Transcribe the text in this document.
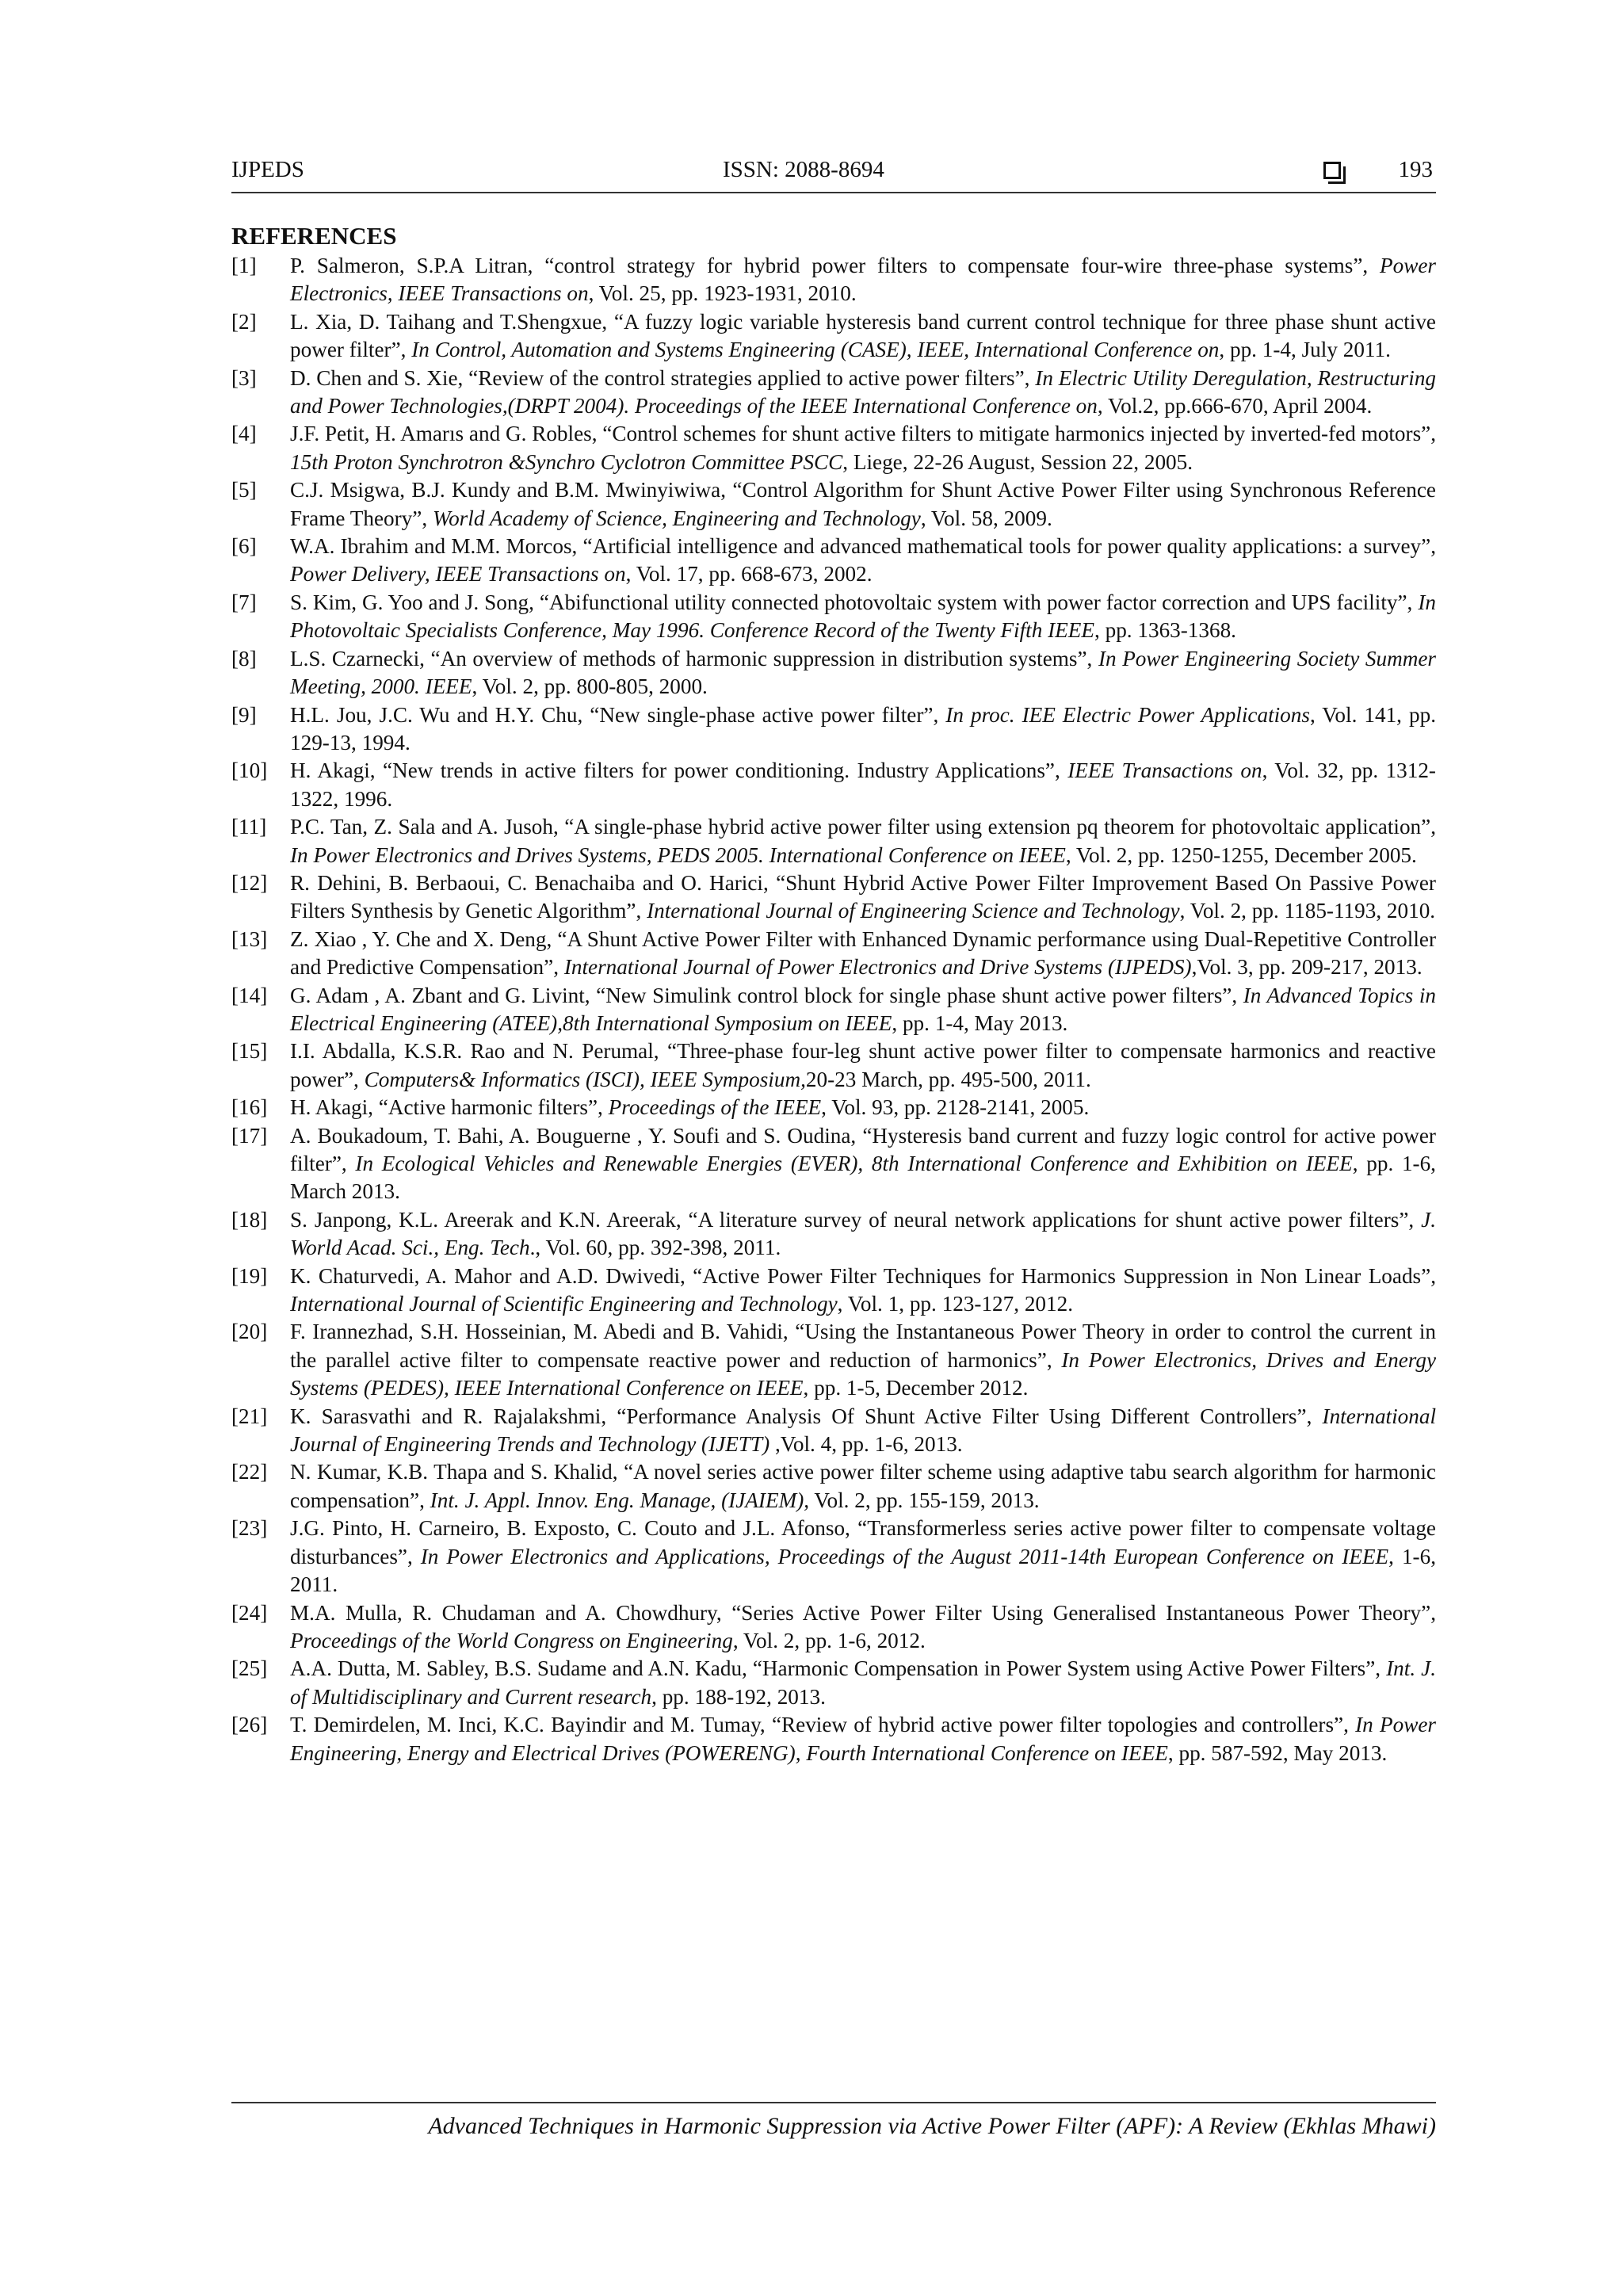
IJPEDS	ISSN: 2088-8694	193
REFERENCES
[1] P. Salmeron, S.P.A Litran, “control strategy for hybrid power filters to compensate four-wire three-phase systems”, Power Electronics, IEEE Transactions on, Vol. 25, pp. 1923-1931, 2010.
[2] L. Xia, D. Taihang and T.Shengxue, “A fuzzy logic variable hysteresis band current control technique for three phase shunt active power filter”, In Control, Automation and Systems Engineering (CASE), IEEE, International Conference on, pp. 1-4, July 2011.
[3] D. Chen and S. Xie, “Review of the control strategies applied to active power filters”, In Electric Utility Deregulation, Restructuring and Power Technologies,(DRPT 2004). Proceedings of the IEEE International Conference on, Vol.2, pp.666-670, April 2004.
[4] J.F. Petit, H. Amarıs and G. Robles, “Control schemes for shunt active filters to mitigate harmonics injected by inverted-fed motors”, 15th Proton Synchrotron &Synchro Cyclotron Committee PSCC, Liege, 22-26 August, Session 22, 2005.
[5] C.J. Msigwa, B.J. Kundy and B.M. Mwinyiwiwa, “Control Algorithm for Shunt Active Power Filter using Synchronous Reference Frame Theory”, World Academy of Science, Engineering and Technology, Vol. 58, 2009.
[6] W.A. Ibrahim and M.M. Morcos, “Artificial intelligence and advanced mathematical tools for power quality applications: a survey”, Power Delivery, IEEE Transactions on, Vol. 17, pp. 668-673, 2002.
[7] S. Kim, G. Yoo and J. Song, “Abifunctional utility connected photovoltaic system with power factor correction and UPS facility”, In Photovoltaic Specialists Conference, May 1996. Conference Record of the Twenty Fifth IEEE, pp. 1363-1368.
[8] L.S. Czarnecki, “An overview of methods of harmonic suppression in distribution systems”, In Power Engineering Society Summer Meeting, 2000. IEEE, Vol. 2, pp. 800-805, 2000.
[9] H.L. Jou, J.C. Wu and H.Y. Chu, “New single-phase active power filter”, In proc. IEE Electric Power Applications, Vol. 141, pp. 129-13, 1994.
[10] H. Akagi, “New trends in active filters for power conditioning. Industry Applications”, IEEE Transactions on, Vol. 32, pp. 1312-1322, 1996.
[11] P.C. Tan, Z. Sala and A. Jusoh, “A single-phase hybrid active power filter using extension pq theorem for photovoltaic application”, In Power Electronics and Drives Systems, PEDS 2005. International Conference on IEEE, Vol. 2, pp. 1250-1255, December 2005.
[12] R. Dehini, B. Berbaoui, C. Benachaiba and O. Harici, “Shunt Hybrid Active Power Filter Improvement Based On Passive Power Filters Synthesis by Genetic Algorithm”, International Journal of Engineering Science and Technology, Vol. 2, pp. 1185-1193, 2010.
[13] Z. Xiao , Y. Che and X. Deng, “A Shunt Active Power Filter with Enhanced Dynamic performance using Dual-Repetitive Controller and Predictive Compensation”, International Journal of Power Electronics and Drive Systems (IJPEDS),Vol. 3, pp. 209-217, 2013.
[14] G. Adam , A. Zbant and G. Livint, “New Simulink control block for single phase shunt active power filters”, In Advanced Topics in Electrical Engineering (ATEE),8th International Symposium on IEEE, pp. 1-4, May 2013.
[15] I.I. Abdalla, K.S.R. Rao and N. Perumal, “Three-phase four-leg shunt active power filter to compensate harmonics and reactive power”, Computers& Informatics (ISCI), IEEE Symposium,20-23 March, pp. 495-500, 2011.
[16] H. Akagi, “Active harmonic filters”, Proceedings of the IEEE, Vol. 93, pp. 2128-2141, 2005.
[17] A. Boukadoum, T. Bahi, A. Bouguerne , Y. Soufi and S. Oudina, “Hysteresis band current and fuzzy logic control for active power filter”, In Ecological Vehicles and Renewable Energies (EVER), 8th International Conference and Exhibition on IEEE, pp. 1-6, March 2013.
[18] S. Janpong, K.L. Areerak and K.N. Areerak, “A literature survey of neural network applications for shunt active power filters”, J. World Acad. Sci., Eng. Tech., Vol. 60, pp. 392-398, 2011.
[19] K. Chaturvedi, A. Mahor and A.D. Dwivedi, “Active Power Filter Techniques for Harmonics Suppression in Non Linear Loads”, International Journal of Scientific Engineering and Technology, Vol. 1, pp. 123-127, 2012.
[20] F. Irannezhad, S.H. Hosseinian, M. Abedi and B. Vahidi, “Using the Instantaneous Power Theory in order to control the current in the parallel active filter to compensate reactive power and reduction of harmonics”, In Power Electronics, Drives and Energy Systems (PEDES), IEEE International Conference on IEEE, pp. 1-5, December 2012.
[21] K. Sarasvathi and R. Rajalakshmi, “Performance Analysis Of Shunt Active Filter Using Different Controllers”, International Journal of Engineering Trends and Technology (IJETT) ,Vol. 4, pp. 1-6, 2013.
[22] N. Kumar, K.B. Thapa and S. Khalid, “A novel series active power filter scheme using adaptive tabu search algorithm for harmonic compensation”, Int. J. Appl. Innov. Eng. Manage, (IJAIEM), Vol. 2, pp. 155-159, 2013.
[23] J.G. Pinto, H. Carneiro, B. Exposto, C. Couto and J.L. Afonso, “Transformerless series active power filter to compensate voltage disturbances”, In Power Electronics and Applications, Proceedings of the August 2011-14th European Conference on IEEE, 1-6, 2011.
[24] M.A. Mulla, R. Chudaman and A. Chowdhury, “Series Active Power Filter Using Generalised Instantaneous Power Theory”, Proceedings of the World Congress on Engineering, Vol. 2, pp. 1-6, 2012.
[25] A.A. Dutta, M. Sabley, B.S. Sudame and A.N. Kadu, “Harmonic Compensation in Power System using Active Power Filters”, Int. J. of Multidisciplinary and Current research, pp. 188-192, 2013.
[26] T. Demirdelen, M. Inci, K.C. Bayindir and M. Tumay, “Review of hybrid active power filter topologies and controllers”, In Power Engineering, Energy and Electrical Drives (POWERENG), Fourth International Conference on IEEE, pp. 587-592, May 2013.
Advanced Techniques in Harmonic Suppression via Active Power Filter (APF): A Review (Ekhlas Mhawi)
